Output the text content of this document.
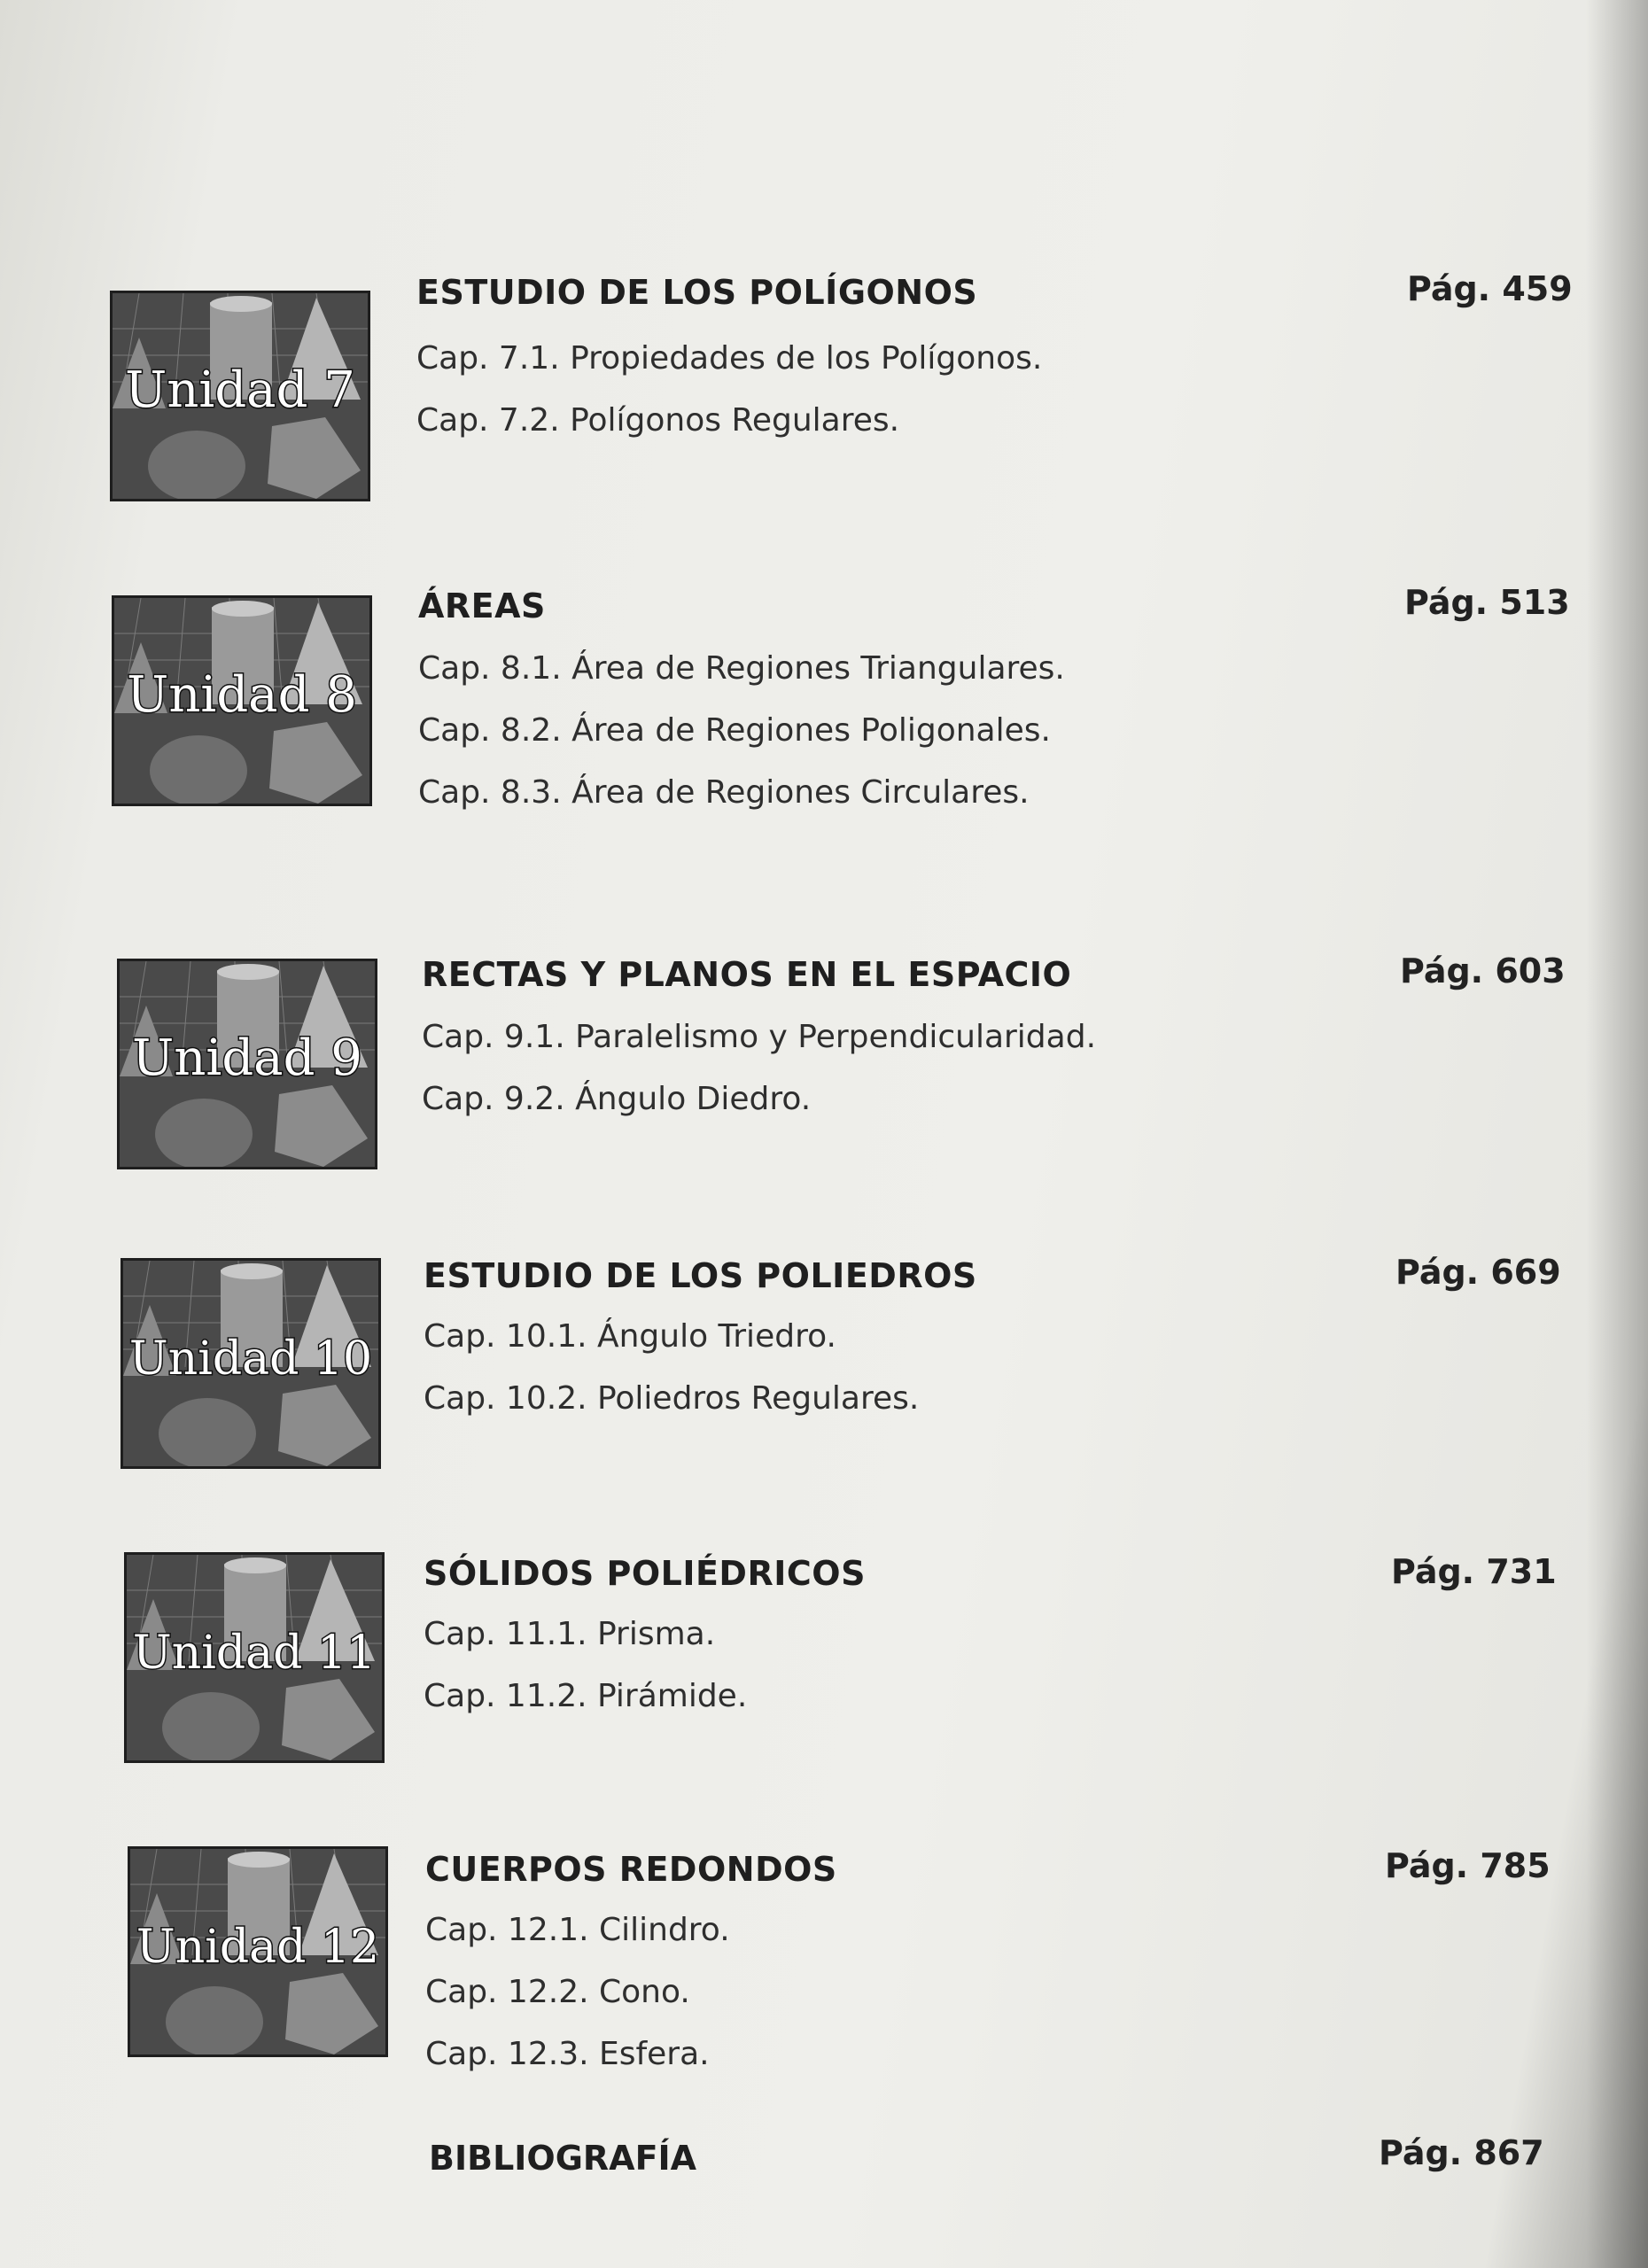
Unidad 7
ESTUDIO DE LOS POLÍGONOS	Pág. 459
Cap. 7.1. Propiedades de los Polígonos.
Cap. 7.2. Polígonos Regulares.
Unidad 8
ÁREAS	Pág. 513
Cap. 8.1. Área de Regiones Triangulares.
Cap. 8.2. Área de Regiones Poligonales.
Cap. 8.3. Área de Regiones Circulares.
Unidad 9
RECTAS Y PLANOS EN EL ESPACIO	Pág. 603
Cap. 9.1. Paralelismo y Perpendicularidad.
Cap. 9.2. Ángulo Diedro.
Unidad 10
ESTUDIO DE LOS POLIEDROS	Pág. 669
Cap. 10.1. Ángulo Triedro.
Cap. 10.2. Poliedros Regulares.
Unidad 11
SÓLIDOS POLIÉDRICOS	Pág. 731
Cap. 11.1. Prisma.
Cap. 11.2. Pirámide.
Unidad 12
CUERPOS REDONDOS	Pág. 785
Cap. 12.1. Cilindro.
Cap. 12.2. Cono.
Cap. 12.3. Esfera.
BIBLIOGRAFÍA	Pág. 867
